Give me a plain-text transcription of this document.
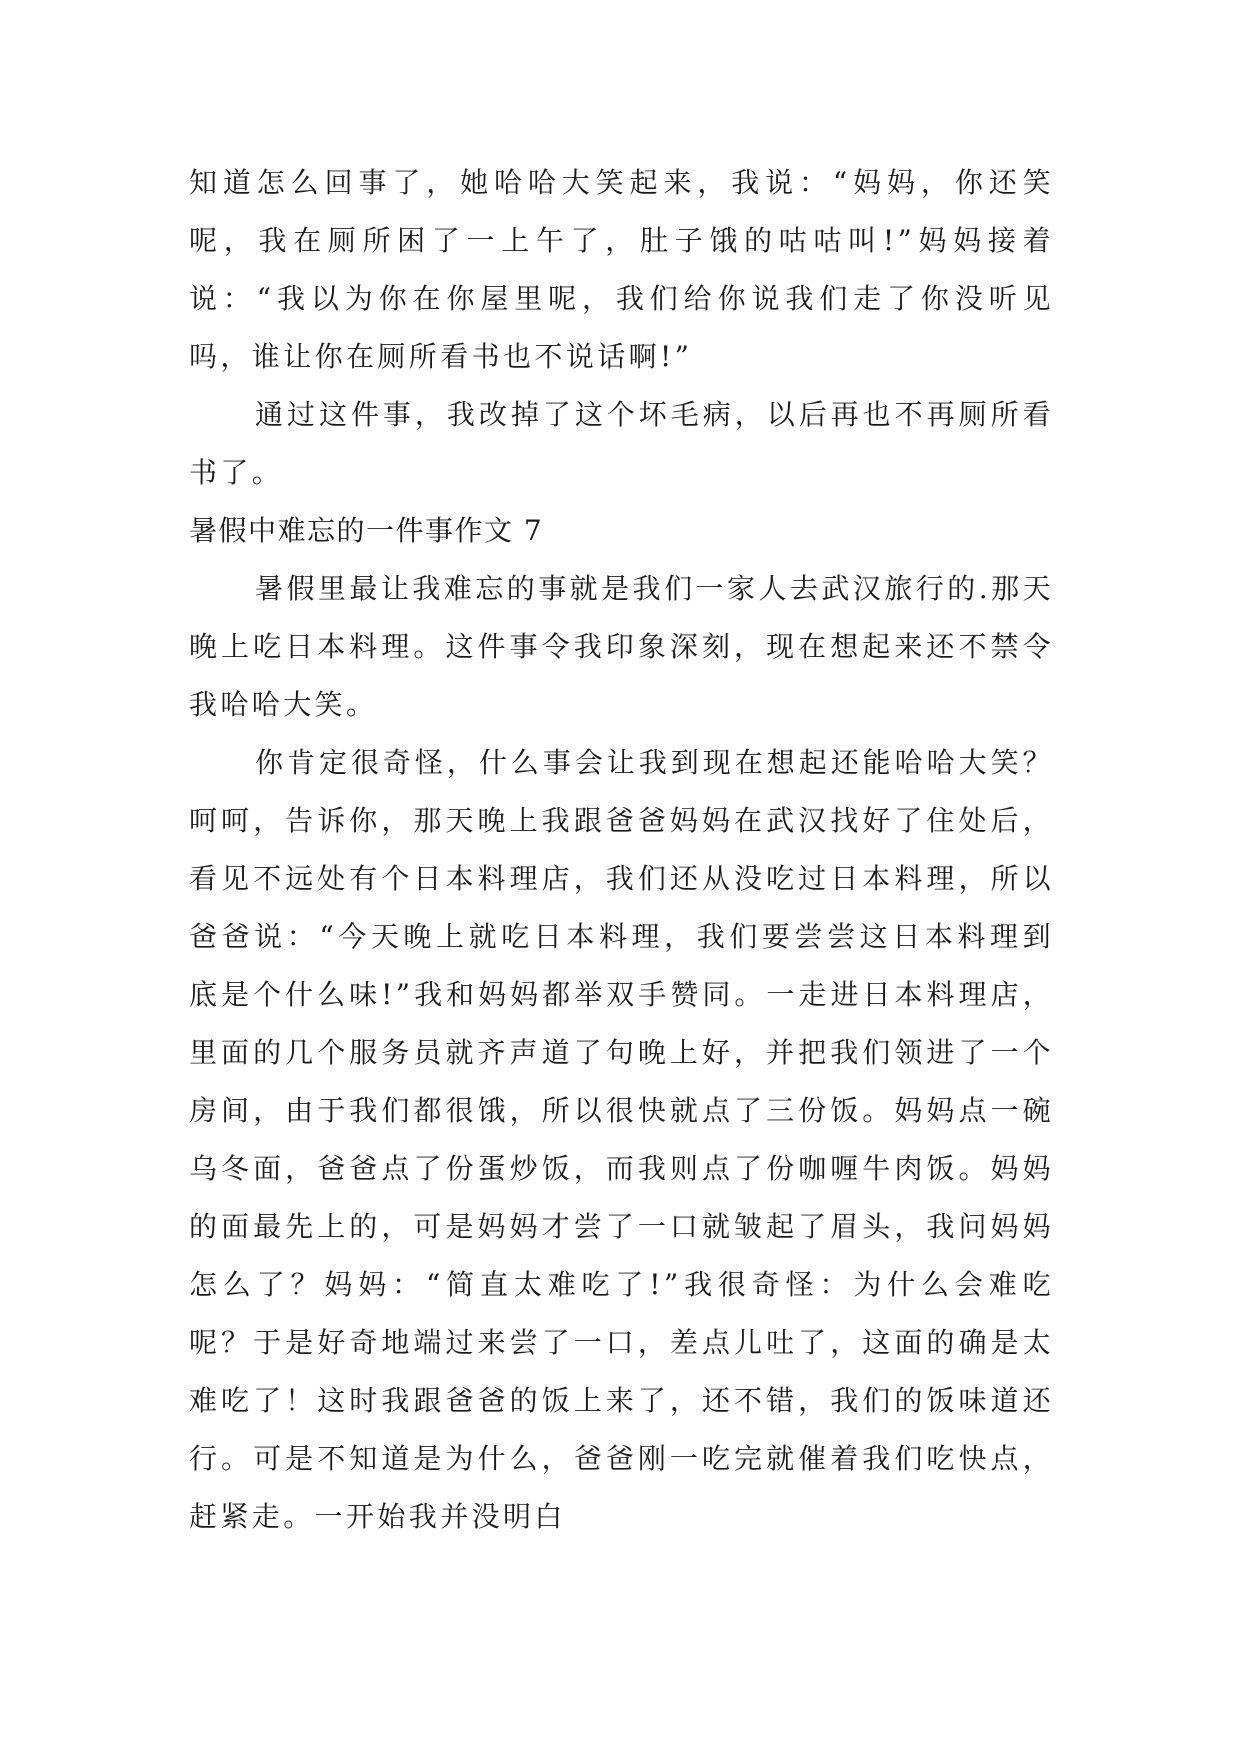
知道怎么回事了，她哈哈大笑起来，我说：“妈妈，你还笑呢，我在厕所困了一上午了，肚子饿的咕咕叫!”妈妈接着说：“我以为你在你屋里呢，我们给你说我们走了你没听见吗，谁让你在厕所看书也不说话啊!”

通过这件事，我改掉了这个坏毛病，以后再也不再厕所看书了。

暑假中难忘的一件事作文 7

暑假里最让我难忘的事就是我们一家人去武汉旅行的.那天晚上吃日本料理。这件事令我印象深刻，现在想起来还不禁令我哈哈大笑。

你肯定很奇怪，什么事会让我到现在想起还能哈哈大笑？呵呵，告诉你，那天晚上我跟爸爸妈妈在武汉找好了住处后，看见不远处有个日本料理店，我们还从没吃过日本料理，所以爸爸说：“今天晚上就吃日本料理，我们要尝尝这日本料理到底是个什么味!”我和妈妈都举双手赞同。一走进日本料理店，里面的几个服务员就齐声道了句晚上好，并把我们领进了一个房间，由于我们都很饿，所以很快就点了三份饭。妈妈点一碗乌冬面，爸爸点了份蛋炒饭，而我则点了份咖喱牛肉饭。妈妈的面最先上的，可是妈妈才尝了一口就皱起了眉头，我问妈妈怎么了？妈妈：“简直太难吃了!”我很奇怪：为什么会难吃呢？于是好奇地端过来尝了一口，差点儿吐了，这面的确是太难吃了！这时我跟爸爸的饭上来了，还不错，我们的饭味道还行。可是不知道是为什么，爸爸刚一吃完就催着我们吃快点，赶紧走。一开始我并没明白
